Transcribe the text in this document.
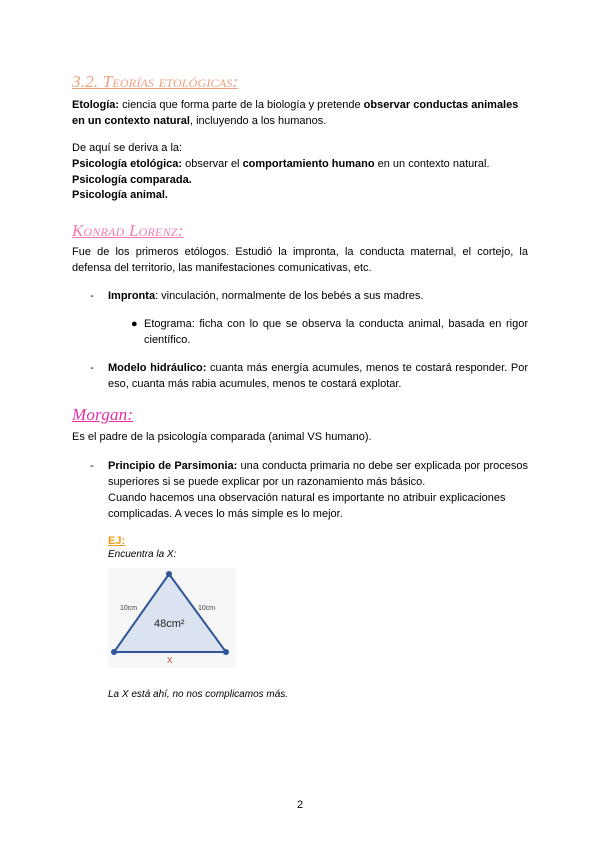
3.2. Teorías etológicas:

Etología: ciencia que forma parte de la biología y pretende observar conductas animales en un contexto natural, incluyendo a los humanos.

De aquí se deriva a la:
Psicología etológica: observar el comportamiento humano en un contexto natural.
Psicología comparada.
Psicología animal.
Konrad Lorenz:
Fue de los primeros etólogos. Estudió la impronta, la conducta maternal, el cortejo, la defensa del territorio, las manifestaciones comunicativas, etc.
- Impronta: vinculación, normalmente de los bebés a sus madres.
● Etograma: ficha con lo que se observa la conducta animal, basada en rigor científico.
- Modelo hidráulico: cuanta más energía acumules, menos te costará responder. Por eso, cuanta más rabia acumules, menos te costará explotar.
Morgan:
Es el padre de la psicología comparada (animal VS humano).
- Principio de Parsimonia: una conducta primaria no debe ser explicada por procesos superiores si se puede explicar por un razonamiento más básico.

Cuando hacemos una observación natural es importante no atribuir explicaciones complicadas. A veces lo más simple es lo mejor.

EJ:
Encuentra la X:
10cm	10cm
48cm²
X
La X está ahí, no nos complicamos más.
2
